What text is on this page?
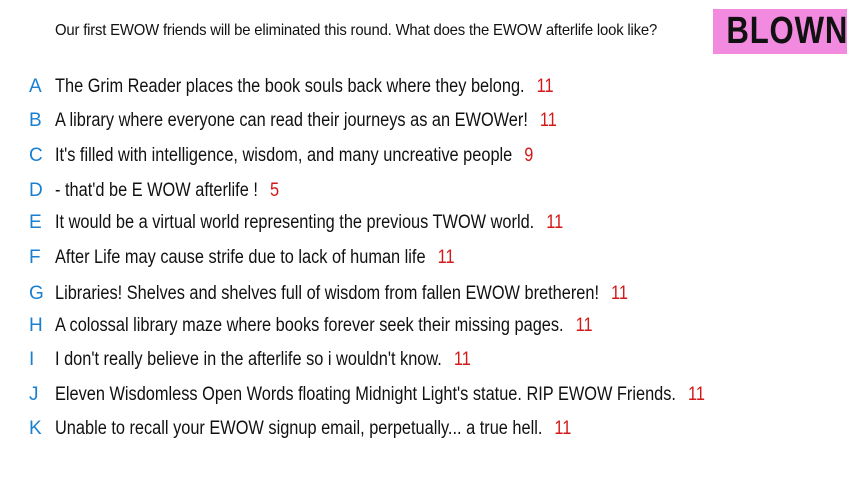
Our first EWOW friends will be eliminated this round. What does the EWOW afterlife look like?	BLOWN
A The Grim Reader places the book souls back where they belong. 11
B A library where everyone can read their journeys as an EWOWer! 11
C It's filled with intelligence, wisdom, and many uncreative people 9
D - that'd be E WOW afterlife ! 5
E It would be a virtual world representing the previous TWOW world. 11
F After Life may cause strife due to lack of human life 11
G Libraries! Shelves and shelves full of wisdom from fallen EWOW bretheren! 11
H A colossal library maze where books forever seek their missing pages. 11
I	I don't really believe in the afterlife so i wouldn't know. 11
J Eleven Wisdomless Open Words floating Midnight Light's statue. RIP EWOW Friends. 11
K Unable to recall your EWOW signup email, perpetually... a true hell. 11
